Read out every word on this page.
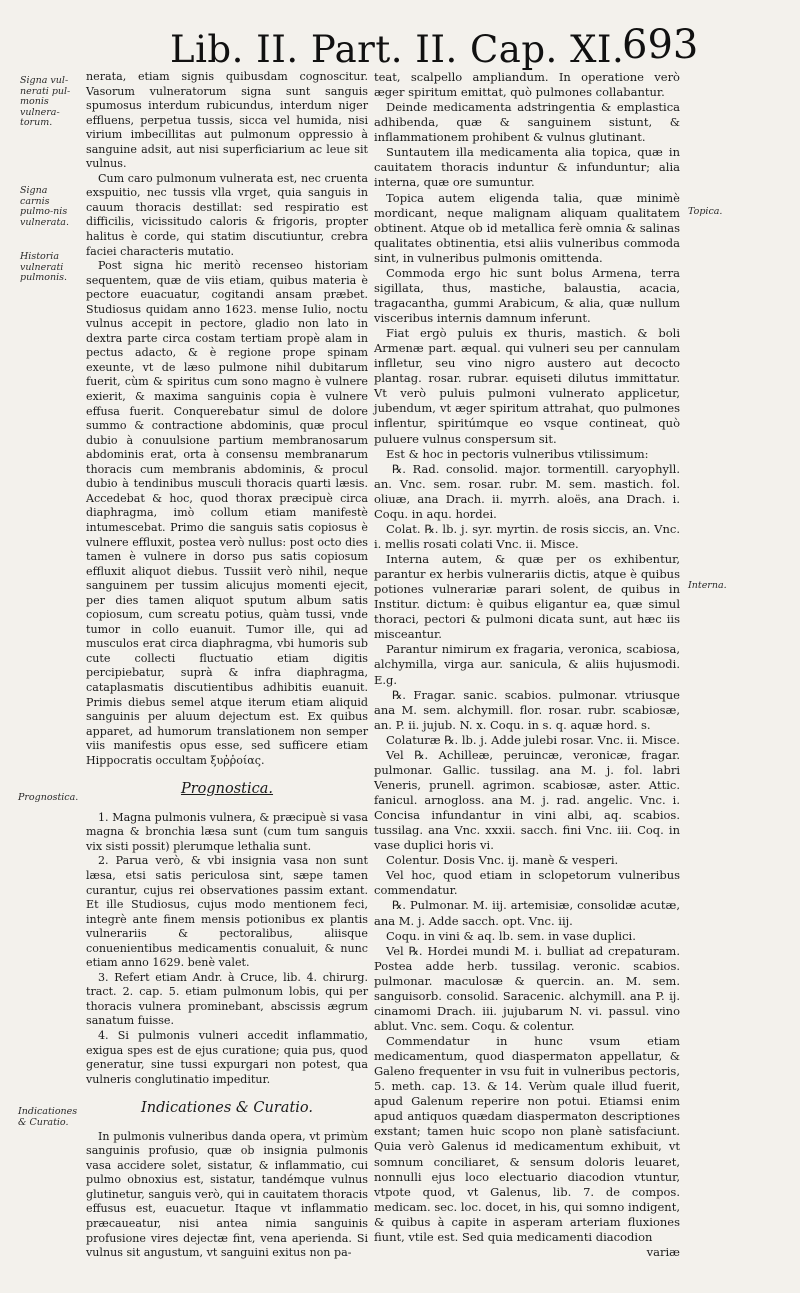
Lib. II. Part. II. Cap. XI.
693
Signa vul-nerati pul-monis vulnera-torum.
Signa carnis pulmo-nis vulnerata.
Historia vulnerati pulmonis.
Prognostica.
Indicationes & Curatio.
Topica.
Interna.

nerata, etiam signis quibusdam cognoscitur. Vasorum vulneratorum signa sunt sanguis spumosus interdum rubicundus, interdum niger effluens, perpetua tussis, sicca vel humida, nisi virium imbecillitas aut pulmonum oppressio à sanguine adsit, aut nisi superficiarium ac leue sit vulnus.

Cum caro pulmonum vulnerata est, nec cruenta exspuitio, nec tussis vlla vrget, quia sanguis in cauum thoracis destillat: sed respiratio est difficilis, vicissitudo caloris & frigoris, propter halitus è corde, qui statim discutiuntur, crebra faciei characteris mutatio.

Post signa hic meritò recenseo historiam sequentem, quæ de viis etiam, quibus materia è pectore euacuatur, cogitandi ansam præbet. Studiosus quidam anno 1623. mense Iulio, noctu vulnus accepit in pectore, gladio non lato in dextra parte circa costam tertiam propè alam in pectus adacto, & è regione prope spinam exeunte, vt de læso pulmone nihil dubitarum fuerit, cùm & spiritus cum sono magno è vulnere exierit, & maxima sanguinis copia è vulnere effusa fuerit. Conquerebatur simul de dolore summo & contractione abdominis, quæ procul dubio à conuulsione partium membranosarum abdominis erat, orta à consensu membranarum thoracis cum membranis abdominis, & procul dubio à tendinibus musculi thoracis quarti læsis. Accedebat & hoc, quod thorax præcipuè circa diaphragma, imò collum etiam manifestè intumescebat. Primo die sanguis satis copiosus è vulnere effluxit, postea verò nullus: post octo dies tamen è vulnere in dorso pus satis copiosum effluxit aliquot diebus. Tussiit verò nihil, neque sanguinem per tussim alicujus momenti ejecit, per dies tamen aliquot sputum album satis copiosum, cum screatu potius, quàm tussi, vnde tumor in collo euanuit. Tumor ille, qui ad musculos erat circa diaphragma, vbi humoris sub cute collecti fluctuatio etiam digitis percipiebatur, suprà & infra diaphragma, cataplasmatis discutientibus adhibitis euanuit. Primis diebus semel atque iterum etiam aliquid sanguinis per aluum dejectum est. Ex quibus apparet, ad humorum translationem non semper viis manifestis opus esse, sed sufficere etiam Hippocratis occultam ξυῤῥοίας.

Prognostica.

1. Magna pulmonis vulnera, & præcipuè si vasa magna & bronchia læsa sunt (cum tum sanguis vix sisti possit) plerumque lethalia sunt.

2. Parua verò, & vbi insignia vasa non sunt læsa, etsi satis periculosa sint, sæpe tamen curantur, cujus rei observationes passim extant. Et ille Studiosus, cujus modo mentionem feci, integrè ante finem mensis potionibus ex plantis vulnerariis & pectoralibus, aliisque conuenientibus medicamentis conualuit, & nunc etiam anno 1629. benè valet.

3. Refert etiam Andr. à Cruce, lib. 4. chirurg. tract. 2. cap. 5. etiam pulmonum lobis, qui per thoracis vulnera prominebant, abscissis ægrum sanatum fuisse.

4. Si pulmonis vulneri accedit inflammatio, exigua spes est de ejus curatione; quia pus, quod generatur, sine tussi expurgari non potest, qua vulneris conglutinatio impeditur.

Indicationes & Curatio.

In pulmonis vulneribus danda opera, vt primùm sanguinis profusio, quæ ob insignia pulmonis vasa accidere solet, sistatur, & inflammatio, cui pulmo obnoxius est, sistatur, tandémque vulnus glutinetur, sanguis verò, qui in cauitatem thoracis effusus est, euacuetur. Itaque vt inflammatio præcaueatur, nisi antea nimia sanguinis profusione vires dejectæ fint, vena aperienda. Si vulnus sit angustum, vt sanguini exitus non pa-

teat, scalpello ampliandum. In operatione verò æger spiritum emittat, quò pulmones collabantur.

Deinde medicamenta adstringentia & emplastica adhibenda, quæ & sanguinem sistunt, & inflammationem prohibent & vulnus glutinant.

Suntautem illa medicamenta alia topica, quæ in cauitatem thoracis induntur & infunduntur; alia interna, quæ ore sumuntur.

Topica autem eligenda talia, quæ minimè mordicant, neque malignam aliquam qualitatem obtinent. Atque ob id metallica ferè omnia & salinas qualitates obtinentia, etsi aliis vulneribus commoda sint, in vulneribus pulmonis omittenda.

Commoda ergo hic sunt bolus Armena, terra sigillata, thus, mastiche, balaustia, acacia, tragacantha, gummi Arabicum, & alia, quæ nullum visceribus internis damnum inferunt.

Fiat ergò puluis ex thuris, mastich. & boli Armenæ part. æqual. qui vulneri seu per cannulam inflletur, seu vino nigro austero aut decocto plantag. rosar. rubrar. equiseti dilutus immittatur. Vt verò puluis pulmoni vulnerato applicetur, jubendum, vt æger spiritum attrahat, quo pulmones inflentur, spiritúmque eo vsque contineat, quò puluere vulnus conspersum sit.

Est & hoc in pectoris vulneribus vtilissimum:

℞. Rad. consolid. major. tormentill. caryophyll. an. Vnc. sem. rosar. rubr. M. sem. mastich. fol. oliuæ, ana Drach. ii. myrrh. aloës, ana Drach. i. Coqu. in aqu. hordei.

Colat. ℞. lb. j. syr. myrtin. de rosis siccis, an. Vnc. i. mellis rosati colati Vnc. ii. Misce.

Interna autem, & quæ per os exhibentur, parantur ex herbis vulnerariis dictis, atque è quibus potiones vulnerariæ parari solent, de quibus in Institur. dictum: è quibus eligantur ea, quæ simul thoraci, pectori & pulmoni dicata sunt, aut hæc iis misceantur.

Parantur nimirum ex fragaria, veronica, scabiosa, alchymilla, virga aur. sanicula, & aliis hujusmodi. E.g.

℞. Fragar. sanic. scabios. pulmonar. vtriusque ana M. sem. alchymill. flor. rosar. rubr. scabiosæ, an. P. ii. jujub. N. x. Coqu. in s. q. aquæ hord. s.

Colaturæ ℞. lb. j. Adde julebi rosar. Vnc. ii. Misce.

Vel ℞. Achilleæ, peruincæ, veronicæ, fragar. pulmonar. Gallic. tussilag. ana M. j. fol. labri Veneris, prunell. agrimon. scabiosæ, aster. Attic. fanicul. arnogloss. ana M. j. rad. angelic. Vnc. i. Concisa infundantur in vini albi, aq. scabios. tussilag. ana Vnc. xxxii. sacch. fini Vnc. iii. Coq. in vase duplici horis vi.

Colentur. Dosis Vnc. ij. manè & vesperi.

Vel hoc, quod etiam in sclopetorum vulneribus commendatur.

℞. Pulmonar. M. iij. artemisiæ, consolidæ acutæ, ana M. j. Adde sacch. opt. Vnc. iij.

Coqu. in vini & aq. lb. sem. in vase duplici.

Vel ℞. Hordei mundi M. i. bulliat ad crepaturam. Postea adde herb. tussilag. veronic. scabios. pulmonar. maculosæ & quercin. an. M. sem. sanguisorb. consolid. Saracenic. alchymill. ana P. ij. cinamomi Drach. iii. jujubarum N. vi. passul. vino ablut. Vnc. sem. Coqu. & colentur.

Commendatur in hunc vsum etiam medicamentum, quod diaspermaton appellatur, & Galeno frequenter in vsu fuit in vulneribus pectoris, 5. meth. cap. 13. & 14. Verùm quale illud fuerit, apud Galenum reperire non potui. Etiamsi enim apud antiquos quædam diaspermaton descriptiones exstant; tamen huic scopo non planè satisfaciunt. Quia verò Galenus id medicamentum exhibuit, vt somnum conciliaret, & sensum doloris leuaret, nonnulli ejus loco electuario diacodion vtuntur, vtpote quod, vt Galenus, lib. 7. de compos. medicam. sec. loc. docet, in his, qui somno indigent, & quibus à capite in asperam arteriam fluxiones fiunt, vtile est. Sed quia medicamenti diacodion

variæ
